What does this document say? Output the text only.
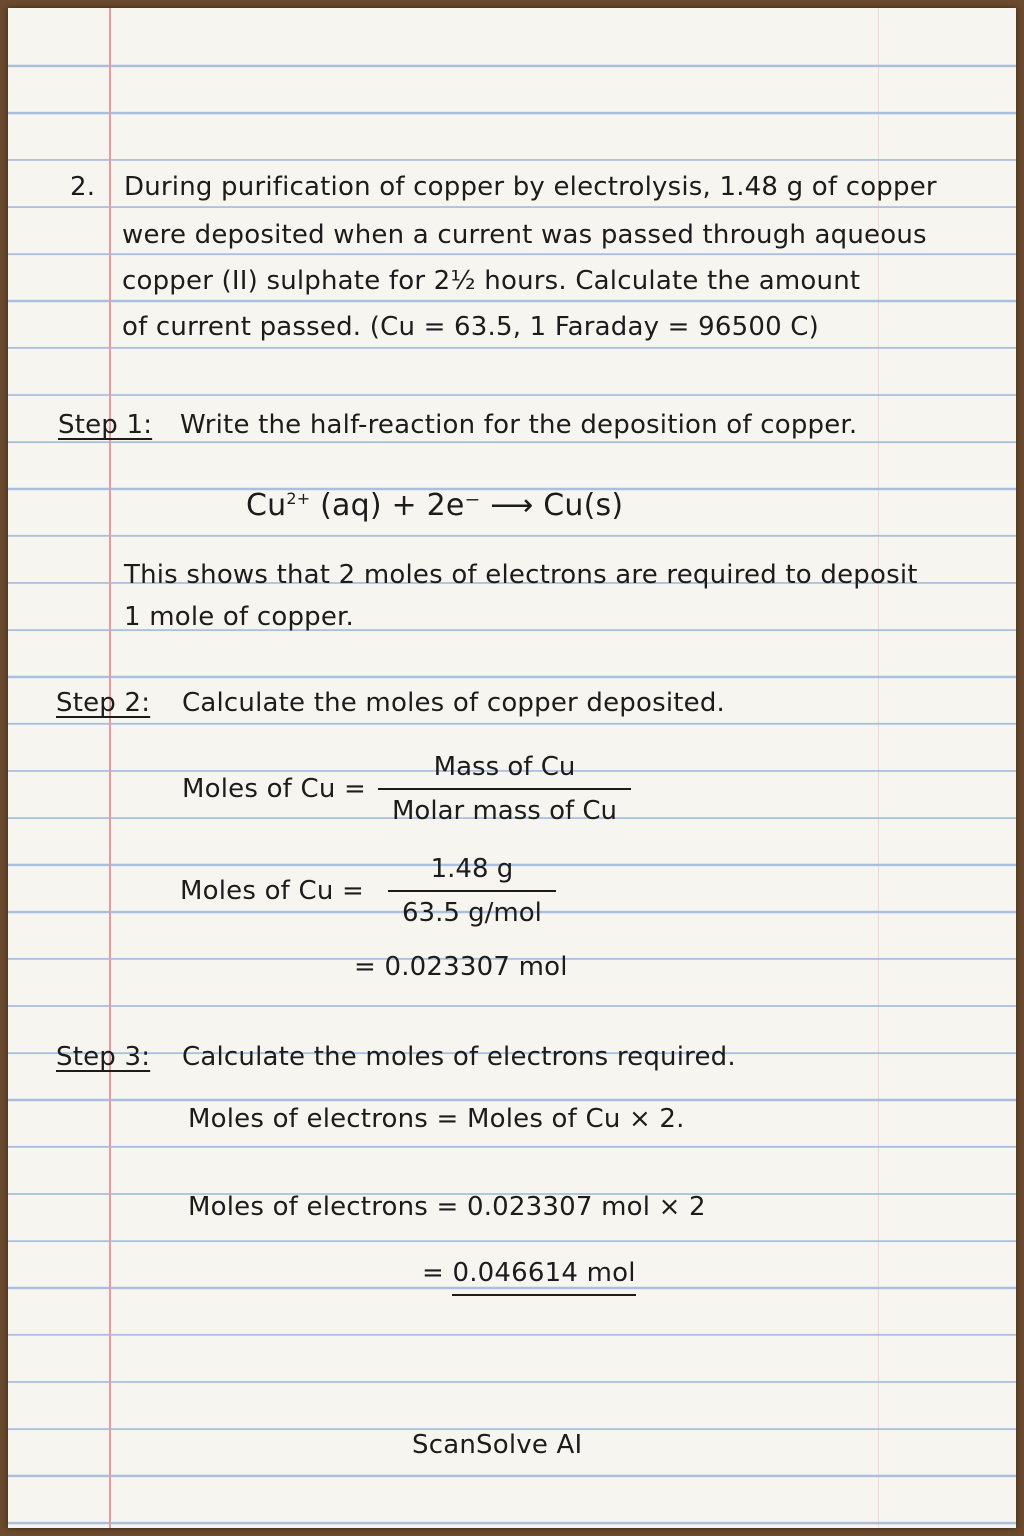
2. During purification of copper by electrolysis, 1.48 g of copper
were deposited when a current was passed through aqueous
copper (II) sulphate for 2½ hours. Calculate the amount
of current passed. (Cu = 63.5, 1 Faraday = 96500 C)
Step 1: Write the half-reaction for the deposition of copper.
$Cu^{2+}$ (aq) + 2e⁻ ⟶ Cu(s)
This shows that 2 moles of electrons are required to deposit
1 mole of copper.
Step 2: Calculate the moles of copper deposited.
Moles of Cu =
Mass of Cu
Molar mass of Cu
Moles of Cu =
1.48 g
63.5 g/mol
= 0.023307 mol
Step 3: Calculate the moles of electrons required.
Moles of electrons = Moles of Cu × 2.
Moles of electrons = 0.023307 mol × 2
= 0.046614 mol
ScanSolve AI
